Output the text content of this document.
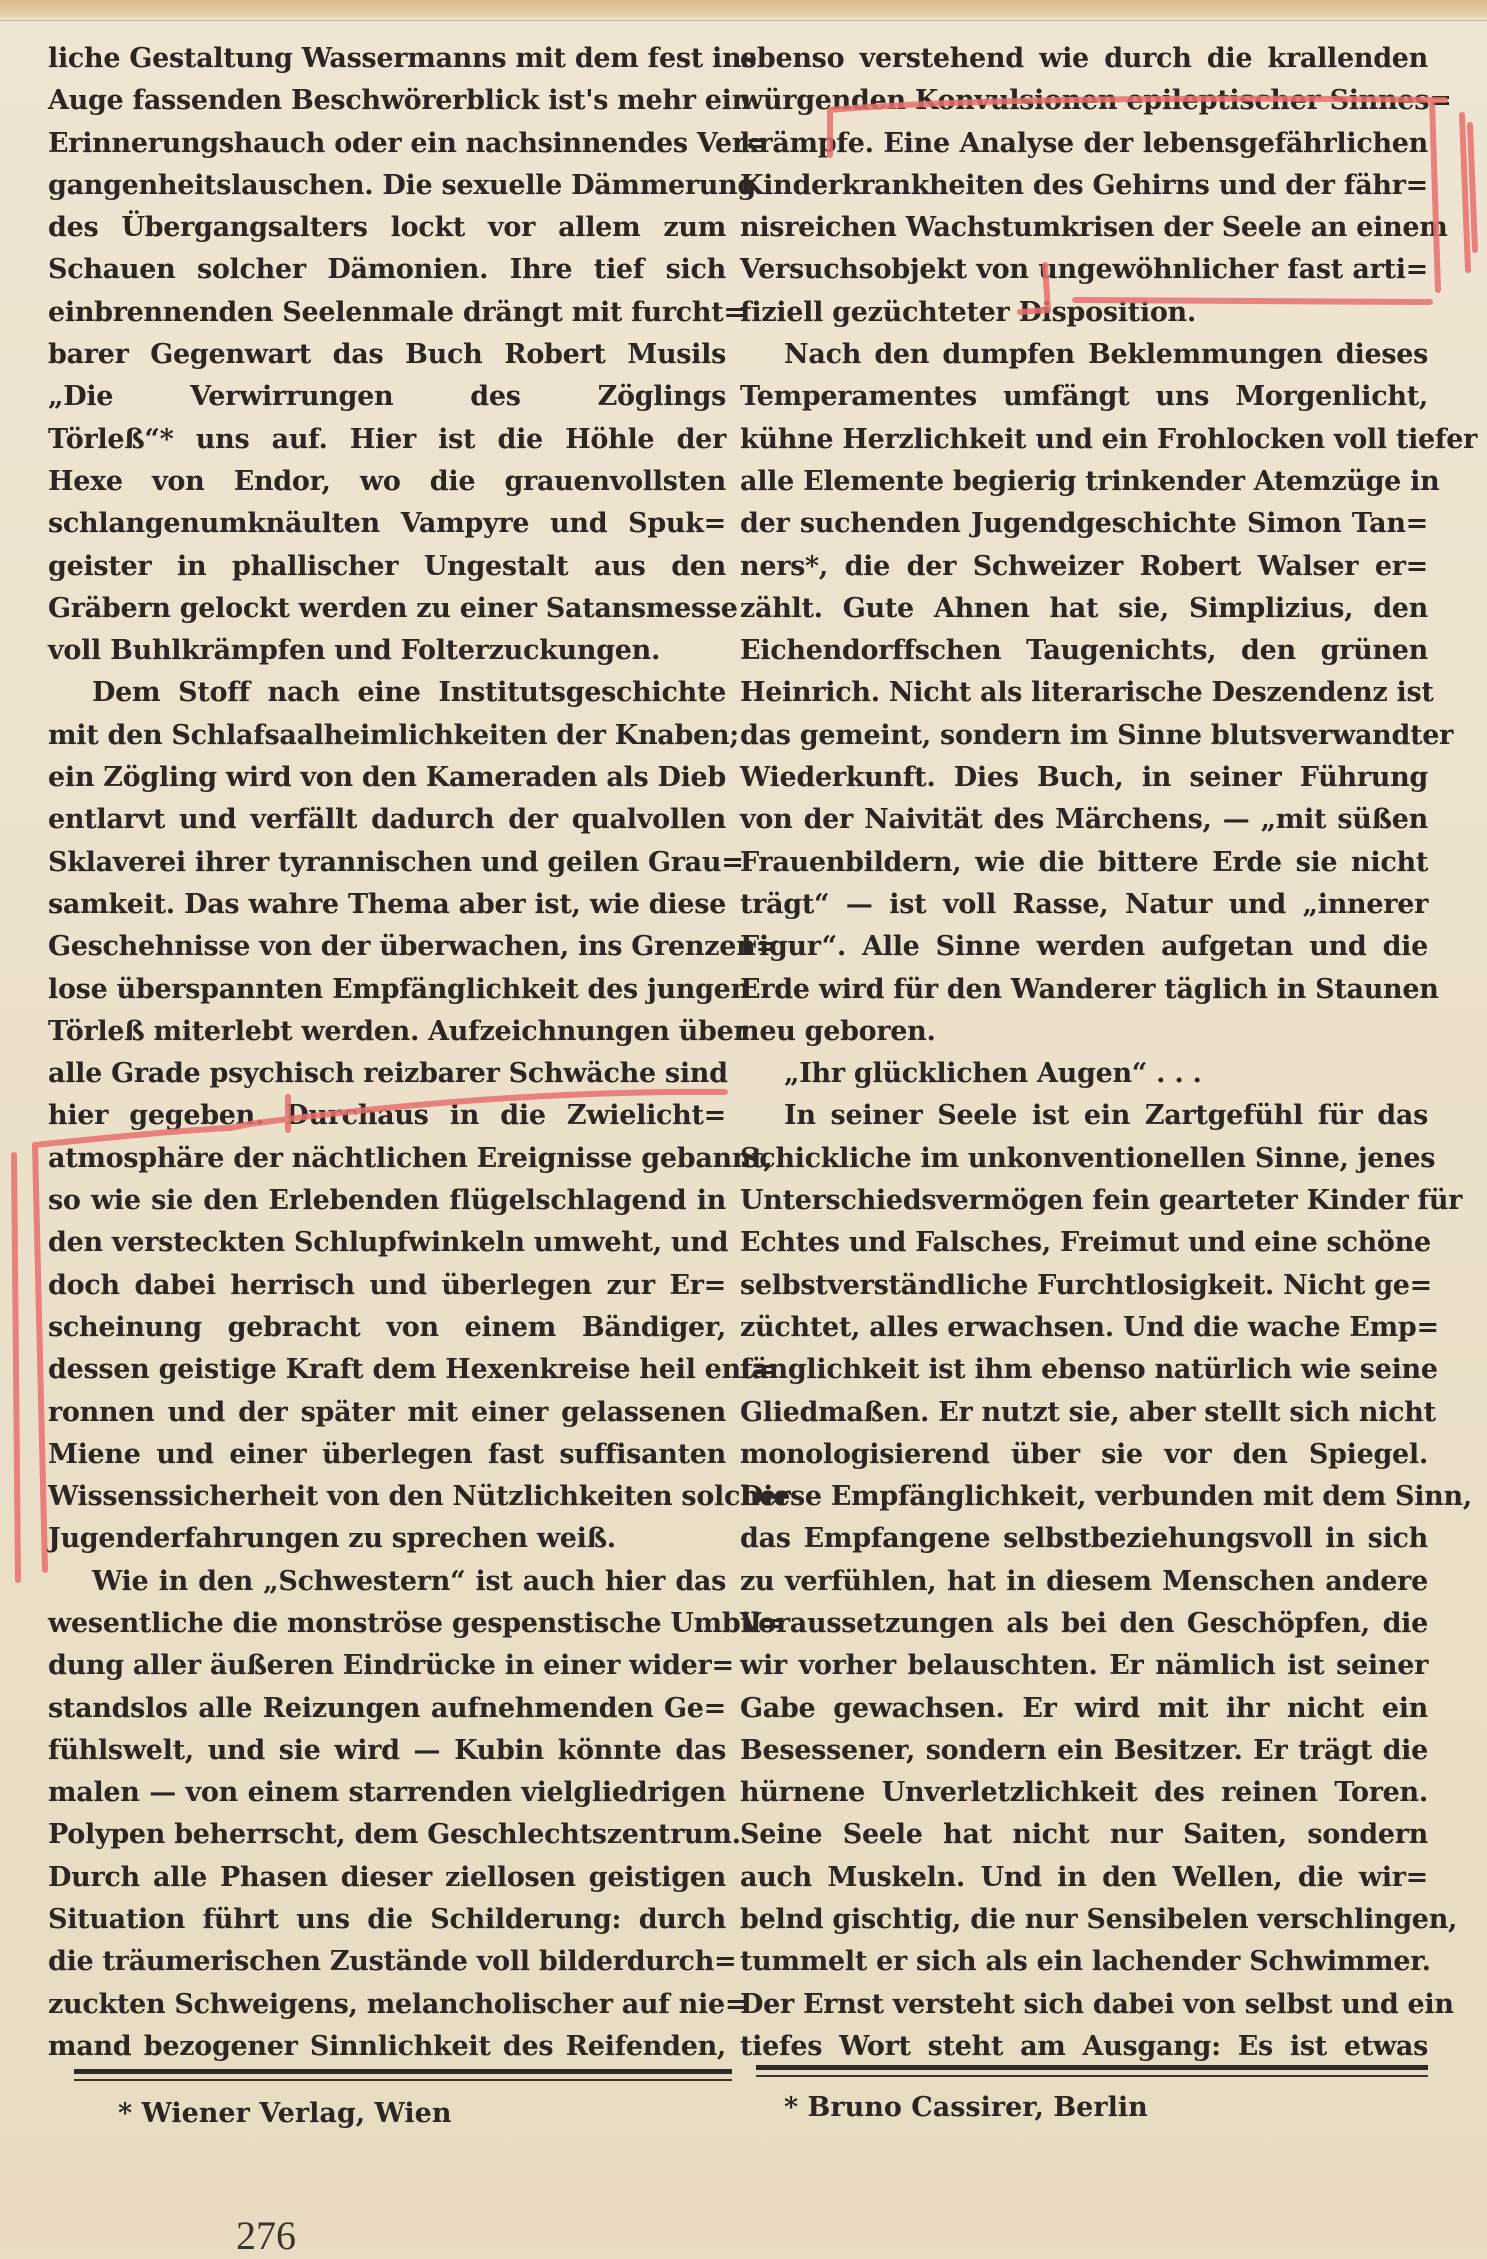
liche Gestaltung Wassermanns mit dem fest ins
Auge fassenden Beschwörerblick ist's mehr ein
Erinnerungshauch oder ein nachsinnendes Ver=
gangenheitslauschen. Die sexuelle Dämmerung
des Übergangsalters lockt vor allem zum
Schauen solcher Dämonien. Ihre tief sich
einbrennenden Seelenmale drängt mit furcht=
barer Gegenwart das Buch Robert Musils
„Die Verwirrungen des Zöglings
Törleß“* uns auf. Hier ist die Höhle der
Hexe von Endor, wo die grauenvollsten
schlangenumknäulten Vampyre und Spuk=
geister in phallischer Ungestalt aus den
Gräbern gelockt werden zu einer Satansmesse
voll Buhlkrämpfen und Folterzuckungen.
Dem Stoff nach eine Institutsgeschichte
mit den Schlafsaalheimlichkeiten der Knaben;
ein Zögling wird von den Kameraden als Dieb
entlarvt und verfällt dadurch der qualvollen
Sklaverei ihrer tyrannischen und geilen Grau=
samkeit. Das wahre Thema aber ist, wie diese
Geschehnisse von der überwachen, ins Grenzen=
lose überspannten Empfänglichkeit des jungen
Törleß miterlebt werden. Aufzeichnungen über
alle Grade psychisch reizbarer Schwäche sind
hier gegeben. Durchaus in die Zwielicht=
atmosphäre der nächtlichen Ereignisse gebannt,
so wie sie den Erlebenden flügelschlagend in
den versteckten Schlupfwinkeln umweht, und
doch dabei herrisch und überlegen zur Er=
scheinung gebracht von einem Bändiger,
dessen geistige Kraft dem Hexenkreise heil ent=
ronnen und der später mit einer gelassenen
Miene und einer überlegen fast suffisanten
Wissenssicherheit von den Nützlichkeiten solcher
Jugenderfahrungen zu sprechen weiß.
Wie in den „Schwestern“ ist auch hier das
wesentliche die monströse gespenstische Umbil=
dung aller äußeren Eindrücke in einer wider=
standslos alle Reizungen aufnehmenden Ge=
fühlswelt, und sie wird — Kubin könnte das
malen — von einem starrenden vielgliedrigen
Polypen beherrscht, dem Geschlechtszentrum.
Durch alle Phasen dieser ziellosen geistigen
Situation führt uns die Schilderung: durch
die träumerischen Zustände voll bilderdurch=
zuckten Schweigens, melancholischer auf nie=
mand bezogener Sinnlichkeit des Reifenden,
ebenso verstehend wie durch die krallenden
würgenden Konvulsionen epileptischer Sinnes=
krämpfe. Eine Analyse der lebensgefährlichen
Kinderkrankheiten des Gehirns und der fähr=
nisreichen Wachstumkrisen der Seele an einem
Versuchsobjekt von ungewöhnlicher fast arti=
fiziell gezüchteter Disposition.
Nach den dumpfen Beklemmungen dieses
Temperamentes umfängt uns Morgenlicht,
kühne Herzlichkeit und ein Frohlocken voll tiefer
alle Elemente begierig trinkender Atemzüge in
der suchenden Jugendgeschichte Simon Tan=
ners*, die der Schweizer Robert Walser er=
zählt. Gute Ahnen hat sie, Simplizius, den
Eichendorffschen Taugenichts, den grünen
Heinrich. Nicht als literarische Deszendenz ist
das gemeint, sondern im Sinne blutsverwandter
Wiederkunft. Dies Buch, in seiner Führung
von der Naivität des Märchens, — „mit süßen
Frauenbildern, wie die bittere Erde sie nicht
trägt“ — ist voll Rasse, Natur und „innerer
Figur“. Alle Sinne werden aufgetan und die
Erde wird für den Wanderer täglich in Staunen
neu geboren.
„Ihr glücklichen Augen“ . . .
In seiner Seele ist ein Zartgefühl für das
Schickliche im unkonventionellen Sinne, jenes
Unterschiedsvermögen fein gearteter Kinder für
Echtes und Falsches, Freimut und eine schöne
selbstverständliche Furchtlosigkeit. Nicht ge=
züchtet, alles erwachsen. Und die wache Emp=
fänglichkeit ist ihm ebenso natürlich wie seine
Gliedmaßen. Er nutzt sie, aber stellt sich nicht
monologisierend über sie vor den Spiegel.
Diese Empfänglichkeit, verbunden mit dem Sinn,
das Empfangene selbstbeziehungsvoll in sich
zu verfühlen, hat in diesem Menschen andere
Voraussetzungen als bei den Geschöpfen, die
wir vorher belauschten. Er nämlich ist seiner
Gabe gewachsen. Er wird mit ihr nicht ein
Besessener, sondern ein Besitzer. Er trägt die
hürnene Unverletzlichkeit des reinen Toren.
Seine Seele hat nicht nur Saiten, sondern
auch Muskeln. Und in den Wellen, die wir=
belnd gischtig, die nur Sensibelen verschlingen,
tummelt er sich als ein lachender Schwimmer.
Der Ernst versteht sich dabei von selbst und ein
tiefes Wort steht am Ausgang: Es ist etwas
* Wiener Verlag, Wien	* Bruno Cassirer, Berlin
276
